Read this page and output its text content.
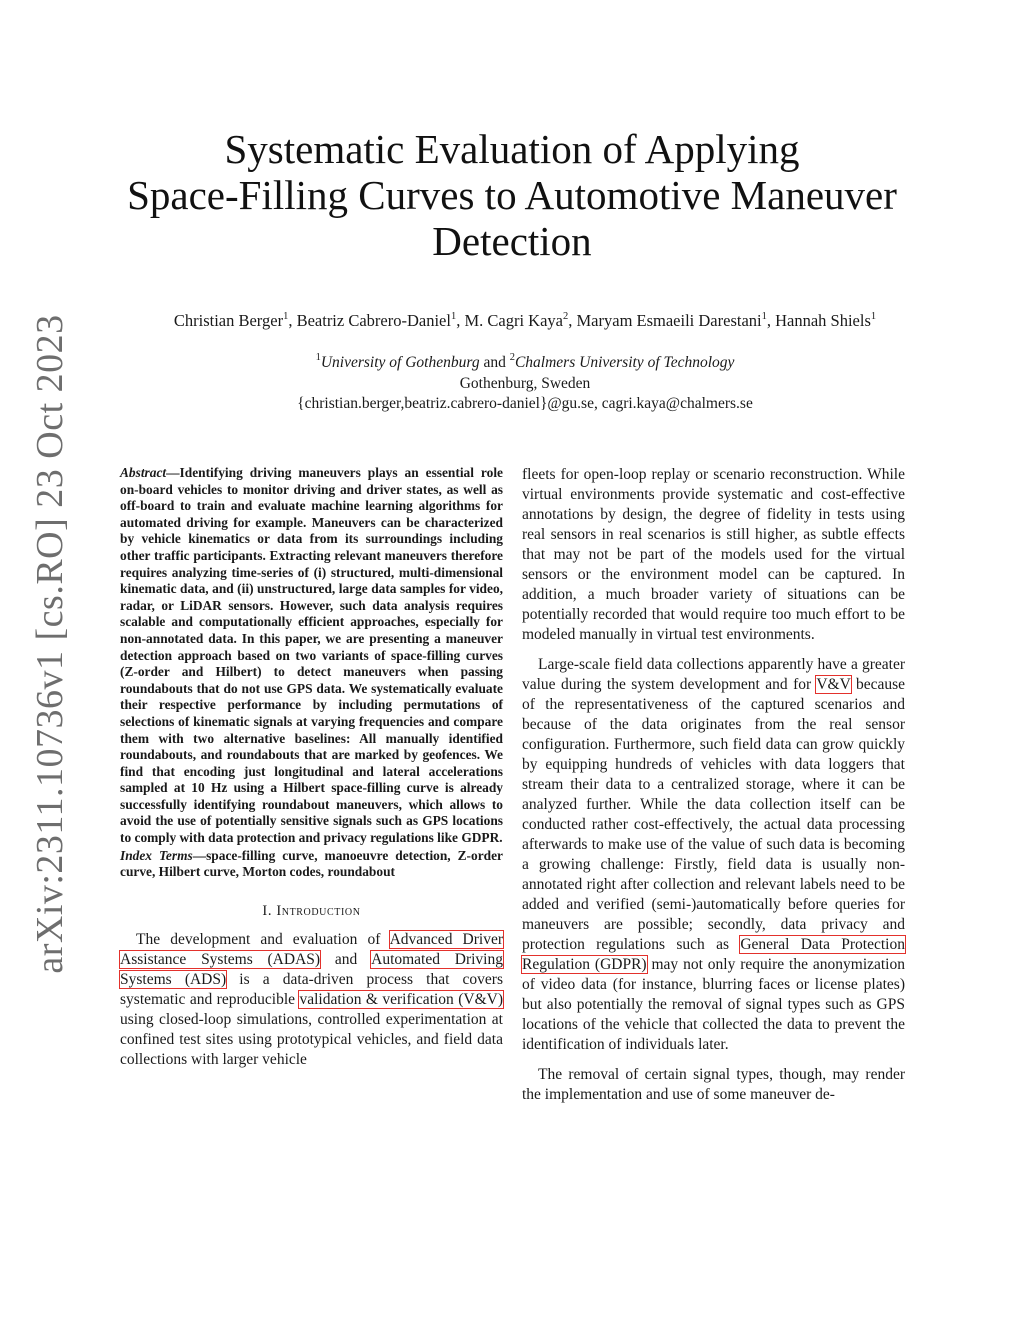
arXiv:2311.10736v1 [cs.RO] 23 Oct 2023
Systematic Evaluation of Applying
Space-Filling Curves to Automotive Maneuver
Detection
Christian Berger$^1$, Beatriz Cabrero-Daniel$^1$, M. Cagri Kaya$^2$, Maryam Esmaeili Darestani$^1$, Hannah Shiels$^1$
$^1$University of Gothenburg and $^2$Chalmers University of Technology
Gothenburg, Sweden
{christian.berger,beatriz.cabrero-daniel}@gu.se, cagri.kaya@chalmers.se
Abstract—Identifying driving maneuvers plays an essential role on-board vehicles to monitor driving and driver states, as well as off-board to train and evaluate machine learning algorithms for automated driving for example. Maneuvers can be characterized by vehicle kinematics or data from its surroundings including other traffic participants. Extracting relevant maneuvers therefore requires analyzing time-series of (i) structured, multi-dimensional kinematic data, and (ii) unstructured, large data samples for video, radar, or LiDAR sensors. However, such data analysis requires scalable and computationally efficient approaches, especially for non-annotated data. In this paper, we are presenting a maneuver detection approach based on two variants of space-filling curves (Z-order and Hilbert) to detect maneuvers when passing roundabouts that do not use GPS data. We systematically evaluate their respective performance by including permutations of selections of kinematic signals at varying frequencies and compare them with two alternative baselines: All manually identified roundabouts, and roundabouts that are marked by geofences. We find that encoding just longitudinal and lateral accelerations sampled at 10 Hz using a Hilbert space-filling curve is already successfully identifying roundabout maneuvers, which allows to avoid the use of potentially sensitive signals such as GPS locations to comply with data protection and privacy regulations like GDPR.
Index Terms—space-filling curve, manoeuvre detection, Z-order curve, Hilbert curve, Morton codes, roundabout
I. Introduction

The development and evaluation of Advanced Driver Assistance Systems (ADAS) and Automated Driving Systems (ADS) is a data-driven process that covers systematic and reproducible validation & verification (V&V) using closed-loop simulations, controlled experimentation at confined test sites using prototypical vehicles, and field data collections with larger vehicle

fleets for open-loop replay or scenario reconstruction. While virtual environments provide systematic and cost-effective annotations by design, the degree of fidelity in tests using real sensors in real scenarios is still higher, as subtle effects that may not be part of the models used for the virtual sensors or the environment model can be captured. In addition, a much broader variety of situations can be potentially recorded that would require too much effort to be modeled manually in virtual test environments.

Large-scale field data collections apparently have a greater value during the system development and for V&V because of the representativeness of the captured scenarios and because of the data originates from the real sensor configuration. Furthermore, such field data can grow quickly by equipping hundreds of vehicles with data loggers that stream their data to a centralized storage, where it can be analyzed further. While the data collection itself can be conducted rather cost-effectively, the actual data processing afterwards to make use of the value of such data is becoming a growing challenge: Firstly, field data is usually non-annotated right after collection and relevant labels need to be added and verified (semi-)automatically before queries for maneuvers are possible; secondly, data privacy and protection regulations such as General Data Protection Regulation (GDPR) may not only require the anonymization of video data (for instance, blurring faces or license plates) but also potentially the removal of signal types such as GPS locations of the vehicle that collected the data to prevent the identification of individuals later.

The removal of certain signal types, though, may render the implementation and use of some maneuver de-
